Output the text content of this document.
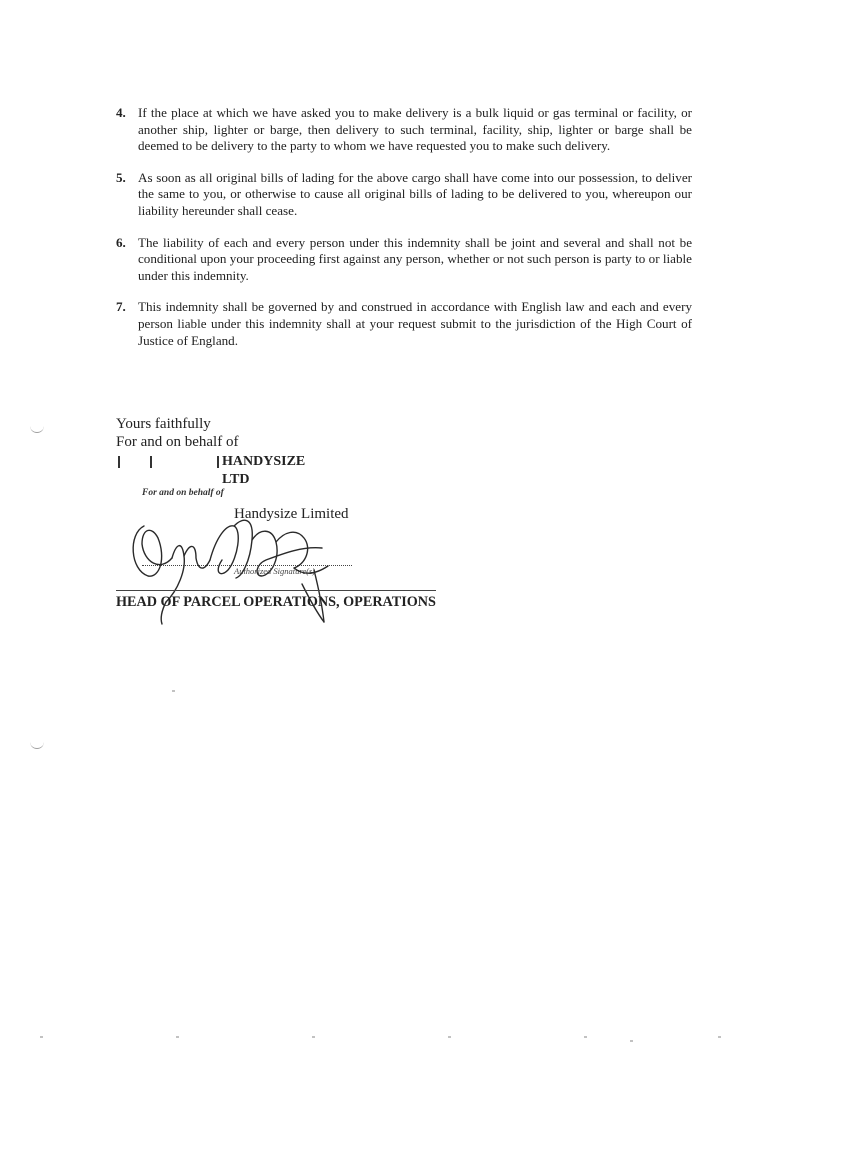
4. If the place at which we have asked you to make delivery is a bulk liquid or gas terminal or facility, or another ship, lighter or barge, then delivery to such terminal, facility, ship, lighter or barge shall be deemed to be delivery to the party to whom we have requested you to make such delivery.
5. As soon as all original bills of lading for the above cargo shall have come into our possession, to deliver the same to you, or otherwise to cause all original bills of lading to be delivered to you, whereupon our liability hereunder shall cease.
6. The liability of each and every person under this indemnity shall be joint and several and shall not be conditional upon your proceeding first against any person, whether or not such person is party to or liable under this indemnity.
7. This indemnity shall be governed by and construed in accordance with English law and each and every person liable under this indemnity shall at your request submit to the jurisdiction of the High Court of Justice of England.
Yours faithfully
For and on behalf of
HANDYSIZE LTD
For and on behalf of
Handysize Limited
Authorized Signature(s)
HEAD OF PARCEL OPERATIONS, OPERATIONS
